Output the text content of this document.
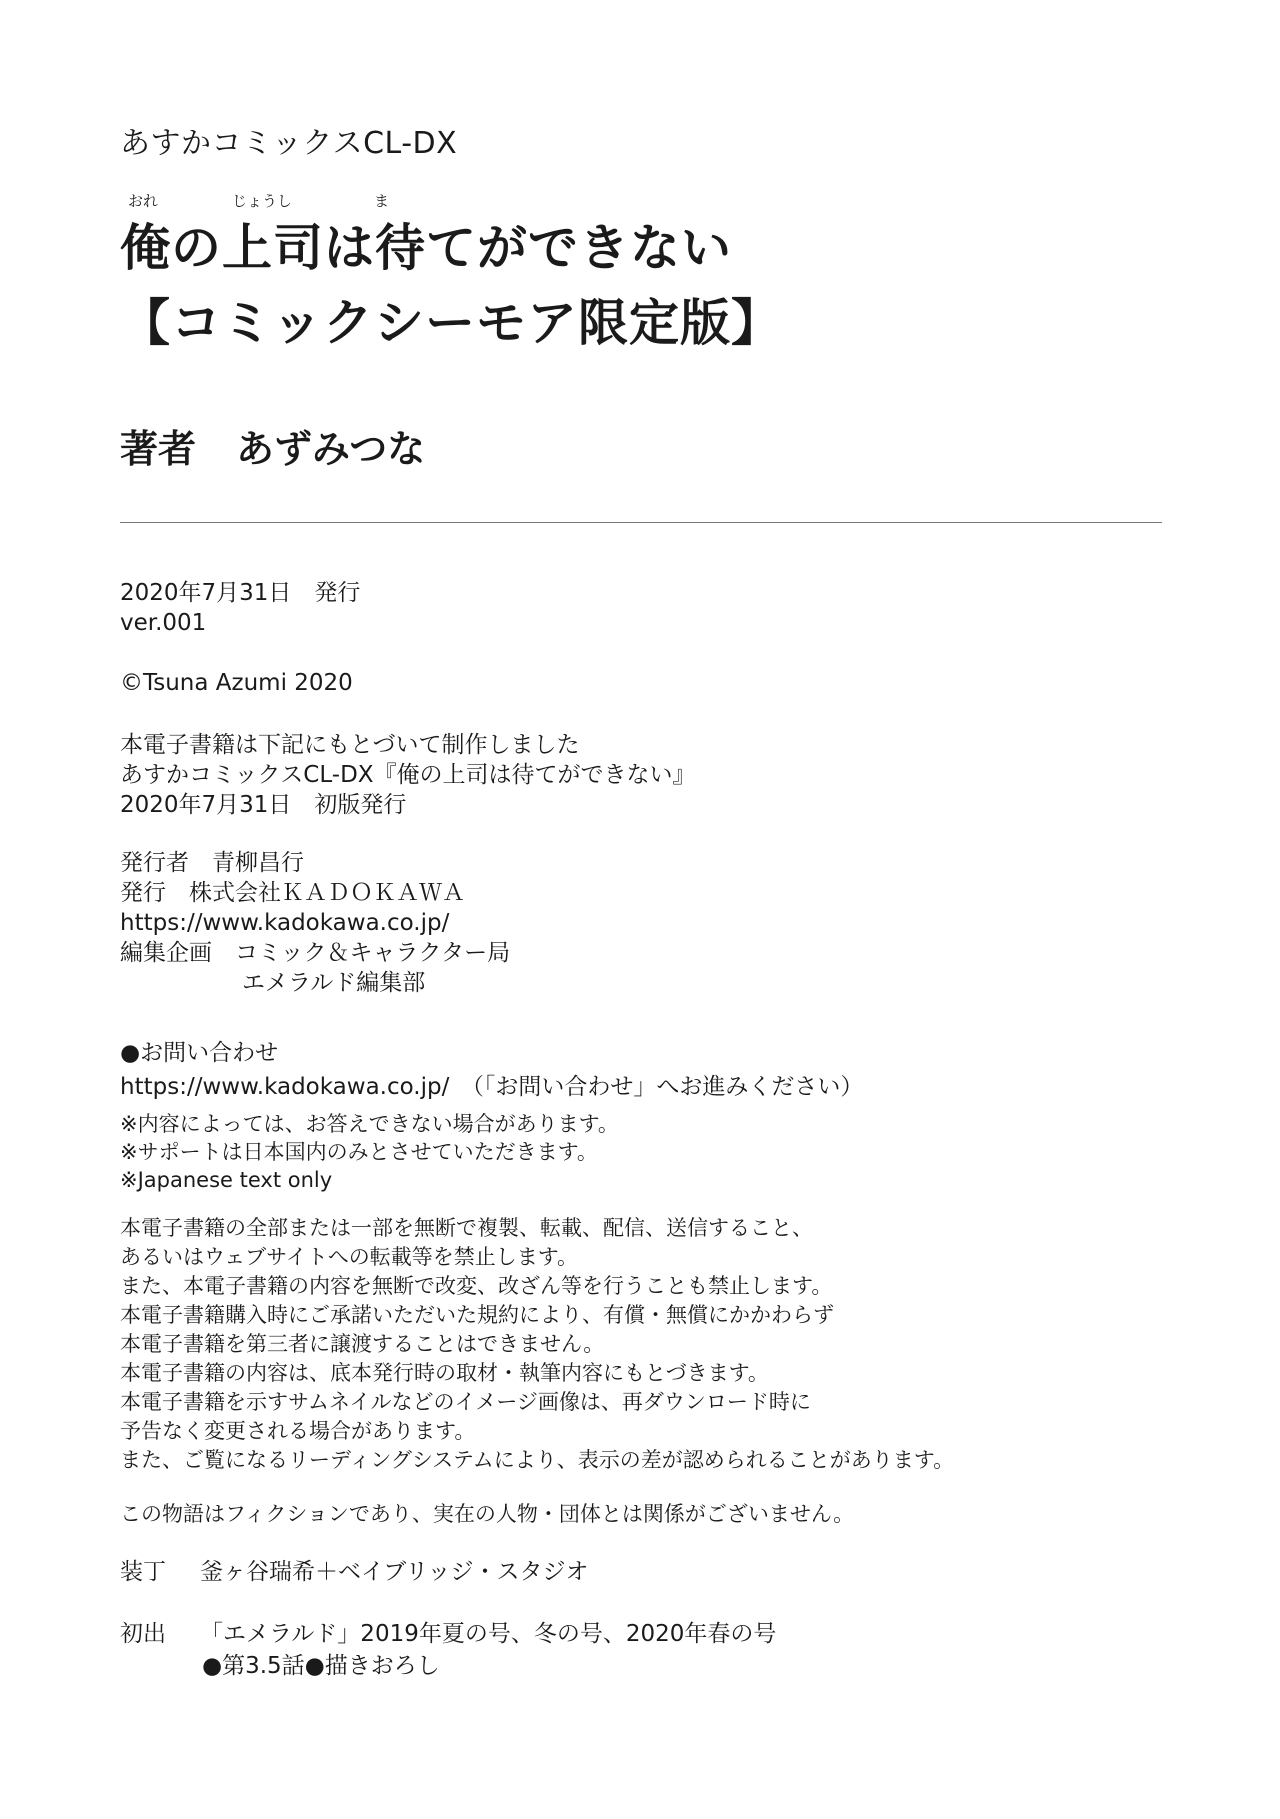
あすかコミックスCL-DX
おれ	じょうし	ま
俺の上司は待てができない
【コミックシーモア限定版】
著者 あずみつな
2020年7月31日　発行
ver.001
©Tsuna Azumi 2020
本電子書籍は下記にもとづいて制作しました
あすかコミックスCL-DX『俺の上司は待てができない』
2020年7月31日　初版発行
発行者　青柳昌行
発行　株式会社ＫＡＤＯＫＡＷＡ
https://www.kadokawa.co.jp/
編集企画　 コミック＆キャラクター局
エメラルド編集部
●お問い合わせ
https://www.kadokawa.co.jp/　（「お問い合わせ」へお進みください）
※内容によっては、お答えできない場合があります。
※サポートは日本国内のみとさせていただきます。
※Japanese text only
本電子書籍の全部または一部を無断で複製、転載、配信、送信すること、
あるいはウェブサイトへの転載等を禁止します。
また、本電子書籍の内容を無断で改変、改ざん等を行うことも禁止します。
本電子書籍購入時にご承諾いただいた規約により、有償・無償にかかわらず
本電子書籍を第三者に譲渡することはできません。
本電子書籍の内容は、底本発行時の取材・執筆内容にもとづきます。
本電子書籍を示すサムネイルなどのイメージ画像は、再ダウンロード時に
予告なく変更される場合があります。
また、ご覧になるリーディングシステムにより、表示の差が認められることがあります。
この物語はフィクションであり、実在の人物・団体とは関係がございません。
装丁 釜ヶ谷瑞希＋ベイブリッジ・スタジオ
初出 「エメラルド」2019年夏の号、冬の号、2020年春の号
●第3.5話●描きおろし
